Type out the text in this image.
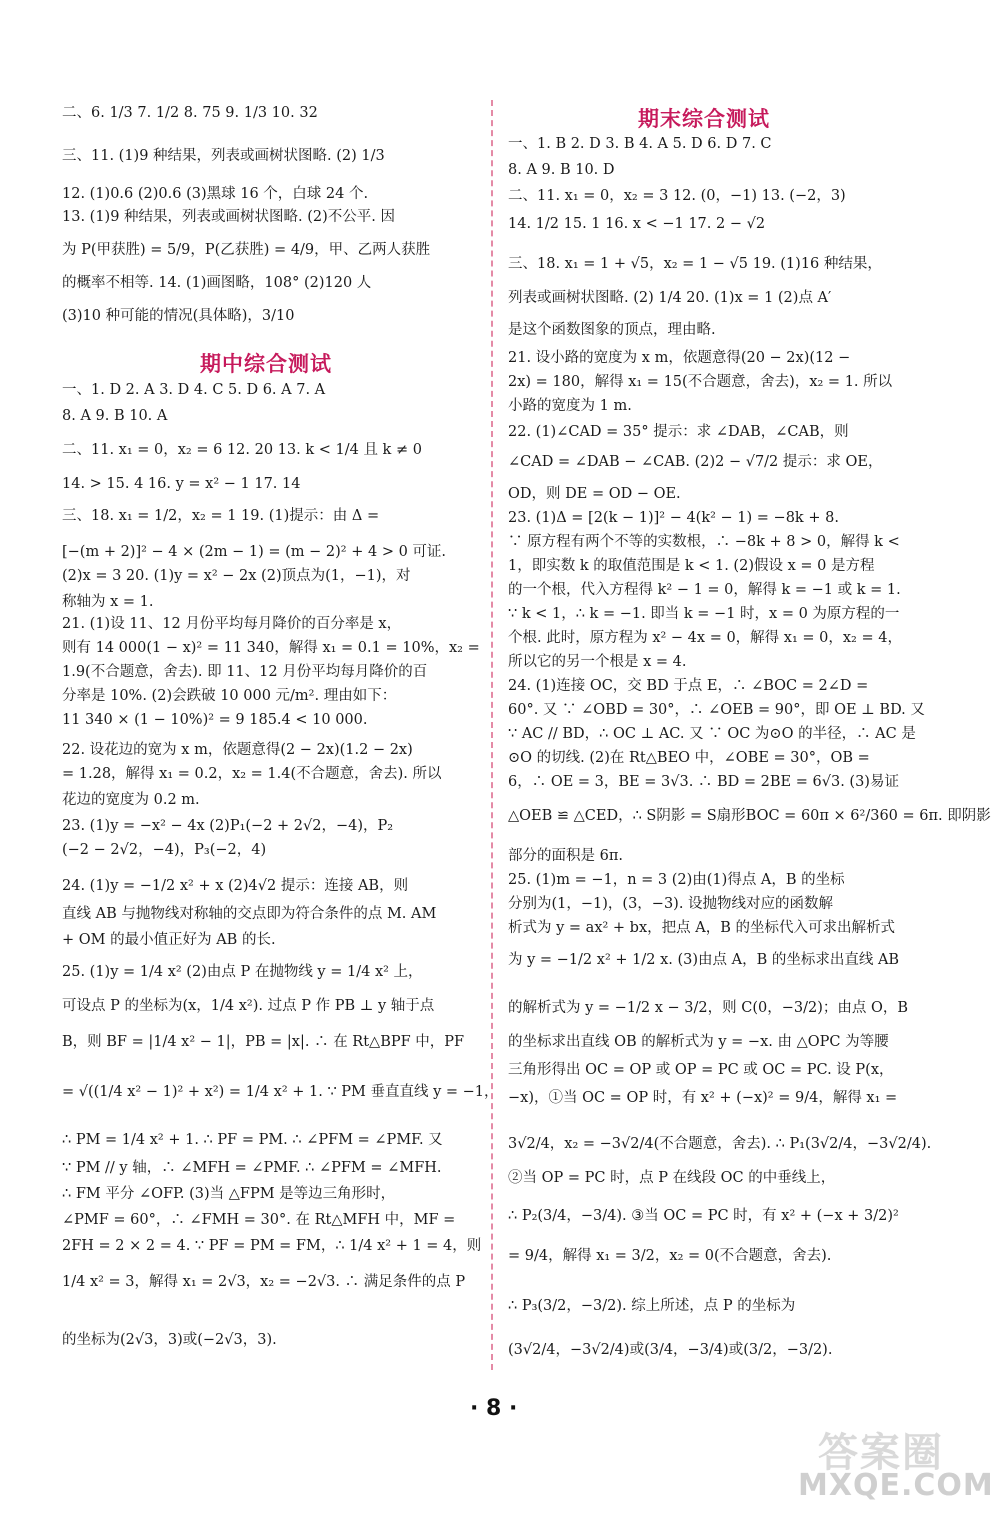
二、6. 1/3 7. 1/2 8. 75 9. 1/3 10. 32
三、11. (1)9 种结果，列表或画树状图略. (2) 1/3
12. (1)0.6 (2)0.6 (3)黑球 16 个，白球 24 个.
13. (1)9 种结果，列表或画树状图略. (2)不公平. 因
为 P(甲获胜) = 5/9，P(乙获胜) = 4/9，甲、乙两人获胜
的概率不相等. 14. (1)画图略，108° (2)120 人
(3)10 种可能的情况(具体略)，3/10
期中综合测试
一、1. D 2. A 3. D 4. C 5. D 6. A 7. A
8. A 9. B 10. A
二、11. x₁ = 0，x₂ = 6 12. 20 13. k < 1/4 且 k ≠ 0
14. > 15. 4 16. y = x² − 1 17. 14
三、18. x₁ = 1/2，x₂ = 1 19. (1)提示：由 Δ =
[−(m + 2)]² − 4 × (2m − 1) = (m − 2)² + 4 > 0 可证.
(2)x = 3 20. (1)y = x² − 2x (2)顶点为(1，−1)，对
称轴为 x = 1.
21. (1)设 11、12 月份平均每月降价的百分率是 x，
则有 14 000(1 − x)² = 11 340，解得 x₁ = 0.1 = 10%，x₂ =
1.9(不合题意，舍去). 即 11、12 月份平均每月降价的百
分率是 10%. (2)会跌破 10 000 元/m². 理由如下：
11 340 × (1 − 10%)² = 9 185.4 < 10 000.
22. 设花边的宽为 x m，依题意得(2 − 2x)(1.2 − 2x)
= 1.28，解得 x₁ = 0.2，x₂ = 1.4(不合题意，舍去). 所以
花边的宽度为 0.2 m.
23. (1)y = −x² − 4x (2)P₁(−2 + 2√2，−4)，P₂
(−2 − 2√2，−4)，P₃(−2，4)
24. (1)y = −1/2 x² + x (2)4√2 提示：连接 AB，则
直线 AB 与抛物线对称轴的交点即为符合条件的点 M. AM
+ OM 的最小值正好为 AB 的长.
25. (1)y = 1/4 x² (2)由点 P 在抛物线 y = 1/4 x² 上，
可设点 P 的坐标为(x，1/4 x²). 过点 P 作 PB ⊥ y 轴于点
B，则 BF = |1/4 x² − 1|，PB = |x|. ∴ 在 Rt△BPF 中，PF
= √((1/4 x² − 1)² + x²) = 1/4 x² + 1. ∵ PM 垂直直线 y = −1，
∴ PM = 1/4 x² + 1. ∴ PF = PM. ∴ ∠PFM = ∠PMF. 又
∵ PM // y 轴，∴ ∠MFH = ∠PMF. ∴ ∠PFM = ∠MFH.
∴ FM 平分 ∠OFP. (3)当 △FPM 是等边三角形时，
∠PMF = 60°，∴ ∠FMH = 30°. 在 Rt△MFH 中，MF =
2FH = 2 × 2 = 4. ∵ PF = PM = FM，∴ 1/4 x² + 1 = 4，则
1/4 x² = 3，解得 x₁ = 2√3，x₂ = −2√3. ∴ 满足条件的点 P
的坐标为(2√3，3)或(−2√3，3).
期末综合测试
一、1. B 2. D 3. B 4. A 5. D 6. D 7. C
8. A 9. B 10. D
二、11. x₁ = 0，x₂ = 3 12. (0，−1) 13. (−2，3)
14. 1/2 15. 1 16. x < −1 17. 2 − √2
三、18. x₁ = 1 + √5，x₂ = 1 − √5 19. (1)16 种结果，
列表或画树状图略. (2) 1/4 20. (1)x = 1 (2)点 A′
是这个函数图象的顶点，理由略.
21. 设小路的宽度为 x m，依题意得(20 − 2x)(12 −
2x) = 180，解得 x₁ = 15(不合题意，舍去)，x₂ = 1. 所以
小路的宽度为 1 m.
22. (1)∠CAD = 35° 提示：求 ∠DAB，∠CAB，则
∠CAD = ∠DAB − ∠CAB. (2)2 − √7/2 提示：求 OE，
OD，则 DE = OD − OE.
23. (1)Δ = [2(k − 1)]² − 4(k² − 1) = −8k + 8.
∵ 原方程有两个不等的实数根，∴ −8k + 8 > 0，解得 k <
1，即实数 k 的取值范围是 k < 1. (2)假设 x = 0 是方程
的一个根，代入方程得 k² − 1 = 0，解得 k = −1 或 k = 1.
∵ k < 1，∴ k = −1. 即当 k = −1 时，x = 0 为原方程的一
个根. 此时，原方程为 x² − 4x = 0，解得 x₁ = 0，x₂ = 4，
所以它的另一个根是 x = 4.
24. (1)连接 OC，交 BD 于点 E，∴ ∠BOC = 2∠D =
60°. 又 ∵ ∠OBD = 30°，∴ ∠OEB = 90°，即 OE ⊥ BD. 又
∵ AC // BD，∴ OC ⊥ AC. 又 ∵ OC 为⊙O 的半径，∴ AC 是
⊙O 的切线. (2)在 Rt△BEO 中，∠OBE = 30°，OB =
6，∴ OE = 3，BE = 3√3. ∴ BD = 2BE = 6√3. (3)易证
△OEB ≌ △CED，∴ S阴影 = S扇形BOC = 60π × 6²/360 = 6π. 即阴影
部分的面积是 6π.
25. (1)m = −1，n = 3 (2)由(1)得点 A，B 的坐标
分别为(1，−1)，(3，−3). 设抛物线对应的函数解
析式为 y = ax² + bx，把点 A，B 的坐标代入可求出解析式
为 y = −1/2 x² + 1/2 x. (3)由点 A，B 的坐标求出直线 AB
的解析式为 y = −1/2 x − 3/2，则 C(0，−3/2)；由点 O，B
的坐标求出直线 OB 的解析式为 y = −x. 由 △OPC 为等腰
三角形得出 OC = OP 或 OP = PC 或 OC = PC. 设 P(x，
−x)，①当 OC = OP 时，有 x² + (−x)² = 9/4，解得 x₁ =
3√2/4，x₂ = −3√2/4(不合题意，舍去). ∴ P₁(3√2/4，−3√2/4).
②当 OP = PC 时，点 P 在线段 OC 的中垂线上，
∴ P₂(3/4，−3/4). ③当 OC = PC 时，有 x² + (−x + 3/2)²
= 9/4，解得 x₁ = 3/2，x₂ = 0(不合题意，舍去).
∴ P₃(3/2，−3/2). 综上所述，点 P 的坐标为
(3√2/4，−3√2/4)或(3/4，−3/4)或(3/2，−3/2).
· 8 ·
答案圈
MXQE.COM
